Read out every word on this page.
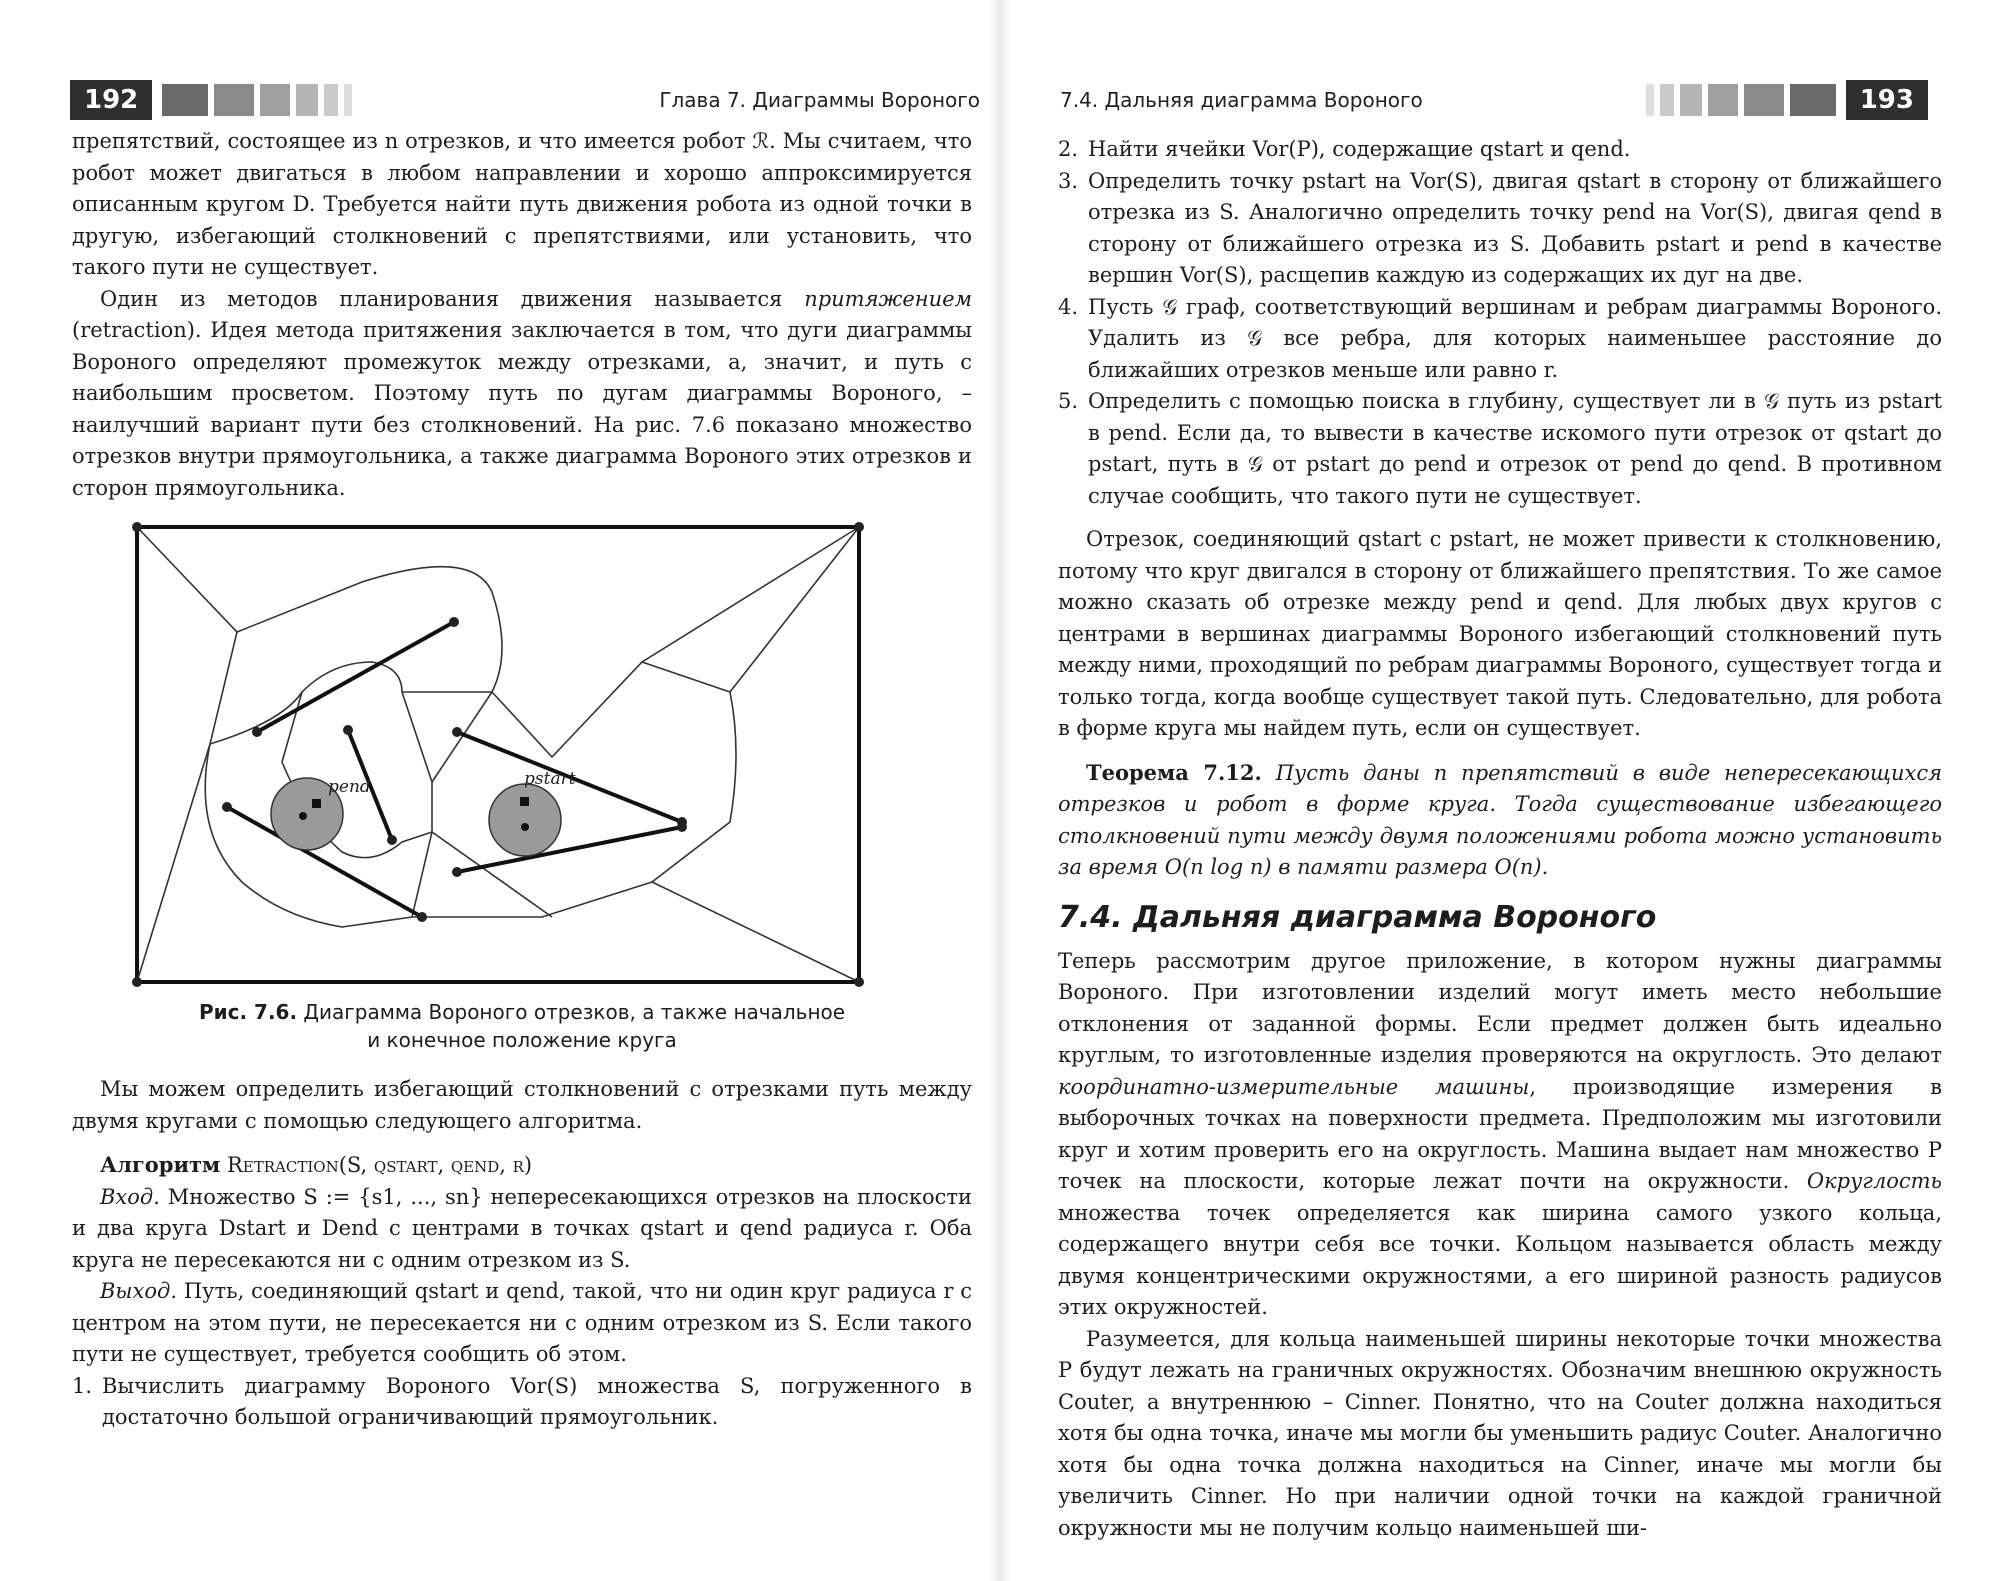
192	Глава 7. Диаграммы Вороного

препятствий, состоящее из n отрезков, и что имеется робот ℛ. Мы считаем, что робот может двигаться в любом направлении и хорошо аппроксимируется описанным кругом D. Требуется найти путь движения робота из одной точки в другую, избегающий столкновений с препятствиями, или установить, что такого пути не существует.

Один из методов планирования движения называется притяжением (retraction). Идея метода притяжения заключается в том, что дуги диаграммы Вороного определяют промежуток между отрезками, а, значит, и путь с наибольшим просветом. Поэтому путь по дугам диаграммы Вороного, – наилучший вариант пути без столкновений. На рис. 7.6 показано множество отрезков внутри прямоугольника, а также диаграмма Вороного этих отрезков и сторон прямоугольника.

pend	pstart
Рис. 7.6. Диаграмма Вороного отрезков, а также начальное
и конечное положение круга

Мы можем определить избегающий столкновений с отрезками путь между двумя кругами с помощью следующего алгоритма.

Алгоритм Retraction(S, qstart, qend, r)

Вход. Множество S := {s1, ..., sn} непересекающихся отрезков на плоскости и два круга Dstart и Dend с центрами в точках qstart и qend радиуса r. Оба круга не пересекаются ни с одним отрезком из S.

Выход. Путь, соединяющий qstart и qend, такой, что ни один круг радиуса r с центром на этом пути, не пересекается ни с одним отрезком из S. Если такого пути не существует, требуется сообщить об этом.

1. Вычислить диаграмму Вороного Vor(S) множества S, погруженного в достаточно большой ограничивающий прямоугольник.
7.4. Дальняя диаграмма Вороного	193
2. Найти ячейки Vor(P), содержащие qstart и qend.
3. Определить точку pstart на Vor(S), двигая qstart в сторону от ближайшего отрезка из S. Аналогично определить точку pend на Vor(S), двигая qend в сторону от ближайшего отрезка из S. Добавить pstart и pend в качестве вершин Vor(S), расщепив каждую из содержащих их дуг на две.
4. Пусть 𝒢 граф, соответствующий вершинам и ребрам диаграммы Вороного. Удалить из 𝒢 все ребра, для которых наименьшее расстояние до ближайших отрезков меньше или равно r.
5. Определить с помощью поиска в глубину, существует ли в 𝒢 путь из pstart в pend. Если да, то вывести в качестве искомого пути отрезок от qstart до pstart, путь в 𝒢 от pstart до pend и отрезок от pend до qend. В противном случае сообщить, что такого пути не существует.

Отрезок, соединяющий qstart с pstart, не может привести к столкновению, потому что круг двигался в сторону от ближайшего препятствия. То же самое можно сказать об отрезке между pend и qend. Для любых двух кругов с центрами в вершинах диаграммы Вороного избегающий столкновений путь между ними, проходящий по ребрам диаграммы Вороного, существует тогда и только тогда, когда вообще существует такой путь. Следовательно, для робота в форме круга мы найдем путь, если он существует.

Теорема 7.12. Пусть даны n препятствий в виде непересекающихся отрезков и робот в форме круга. Тогда существование избегающего столкновений пути между двумя положениями робота можно установить за время O(n log n) в памяти размера O(n).

7.4. Дальняя диаграмма Вороного

Теперь рассмотрим другое приложение, в котором нужны диаграммы Вороного. При изготовлении изделий могут иметь место небольшие отклонения от заданной формы. Если предмет должен быть идеально круглым, то изготовленные изделия проверяются на округлость. Это делают координатно-измерительные машины, производящие измерения в выборочных точках на поверхности предмета. Предположим мы изготовили круг и хотим проверить его на округлость. Машина выдает нам множество P точек на плоскости, которые лежат почти на окружности. Округлость множества точек определяется как ширина самого узкого кольца, содержащего внутри себя все точки. Кольцом называется область между двумя концентрическими окружностями, а его шириной разность радиусов этих окружностей.

Разумеется, для кольца наименьшей ширины некоторые точки множества P будут лежать на граничных окружностях. Обозначим внешнюю окружность Couter, а внутреннюю – Cinner. Понятно, что на Couter должна находиться хотя бы одна точка, иначе мы могли бы уменьшить радиус Couter. Аналогично хотя бы одна точка должна находиться на Cinner, иначе мы могли бы увеличить Cinner. Но при наличии одной точки на каждой граничной окружности мы не получим кольцо наименьшей ши-
